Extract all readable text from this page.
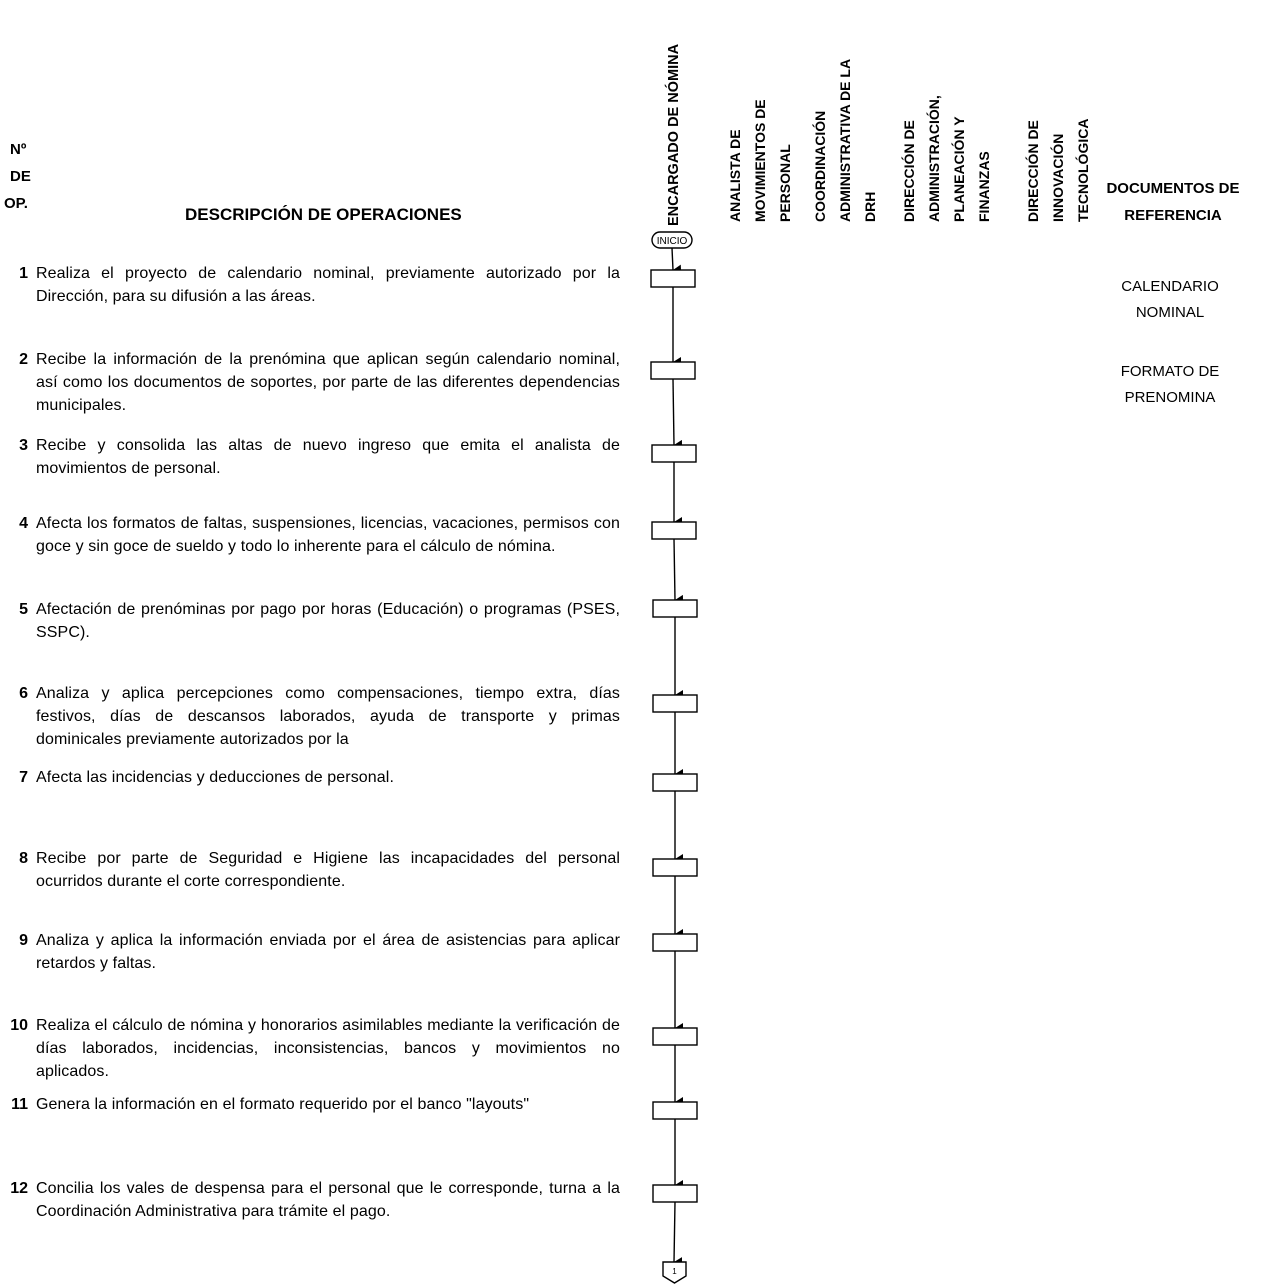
Nº
DE
OP.
DESCRIPCIÓN DE OPERACIONES
DOCUMENTOS DE
REFERENCIA
ENCARGADO DE NÓMINA	ANALISTA DE MOVIMIENTOS DE PERSONAL COORDINACIÓN ADMINISTRATIVA DE LA DRH DIRECCIÓN DE ADMINISTRACIÓN, PLANEACIÓN Y FINANZAS DIRECCIÓN DE INNOVACIÓN TECNOLÓGICA
1 Realiza el proyecto de calendario nominal, previamente autorizado por la Dirección, para su difusión a las áreas.
2 Recibe la información de la prenómina que aplican según calendario nominal, así como los documentos de soportes, por parte de las diferentes dependencias municipales.
3 Recibe y consolida las altas de nuevo ingreso que emita el analista de movimientos de personal.
4 Afecta los formatos de faltas, suspensiones, licencias, vacaciones, permisos con goce y sin goce de sueldo y todo lo inherente para el cálculo de nómina.
5 Afectación de prenóminas por pago por horas (Educación) o programas (PSES, SSPC).
6 Analiza y aplica percepciones como compensaciones, tiempo extra, días festivos, días de descansos laborados, ayuda de transporte y primas dominicales previamente autorizados por la
7 Afecta las incidencias y deducciones de personal.
8 Recibe por parte de Seguridad e Higiene las incapacidades del personal ocurridos durante el corte correspondiente.
9 Analiza y aplica la información enviada por el área de asistencias para aplicar retardos y faltas.
10 Realiza el cálculo de nómina y honorarios asimilables mediante la verificación de días laborados, incidencias, inconsistencias, bancos y movimientos no aplicados.
11 Genera la información en el formato requerido por el banco "layouts"
12 Concilia los vales de despensa para el personal que le corresponde, turna a la Coordinación Administrativa para trámite el pago.
CALENDARIO
NOMINAL
FORMATO DE
PRENOMINA
INICIO
1
